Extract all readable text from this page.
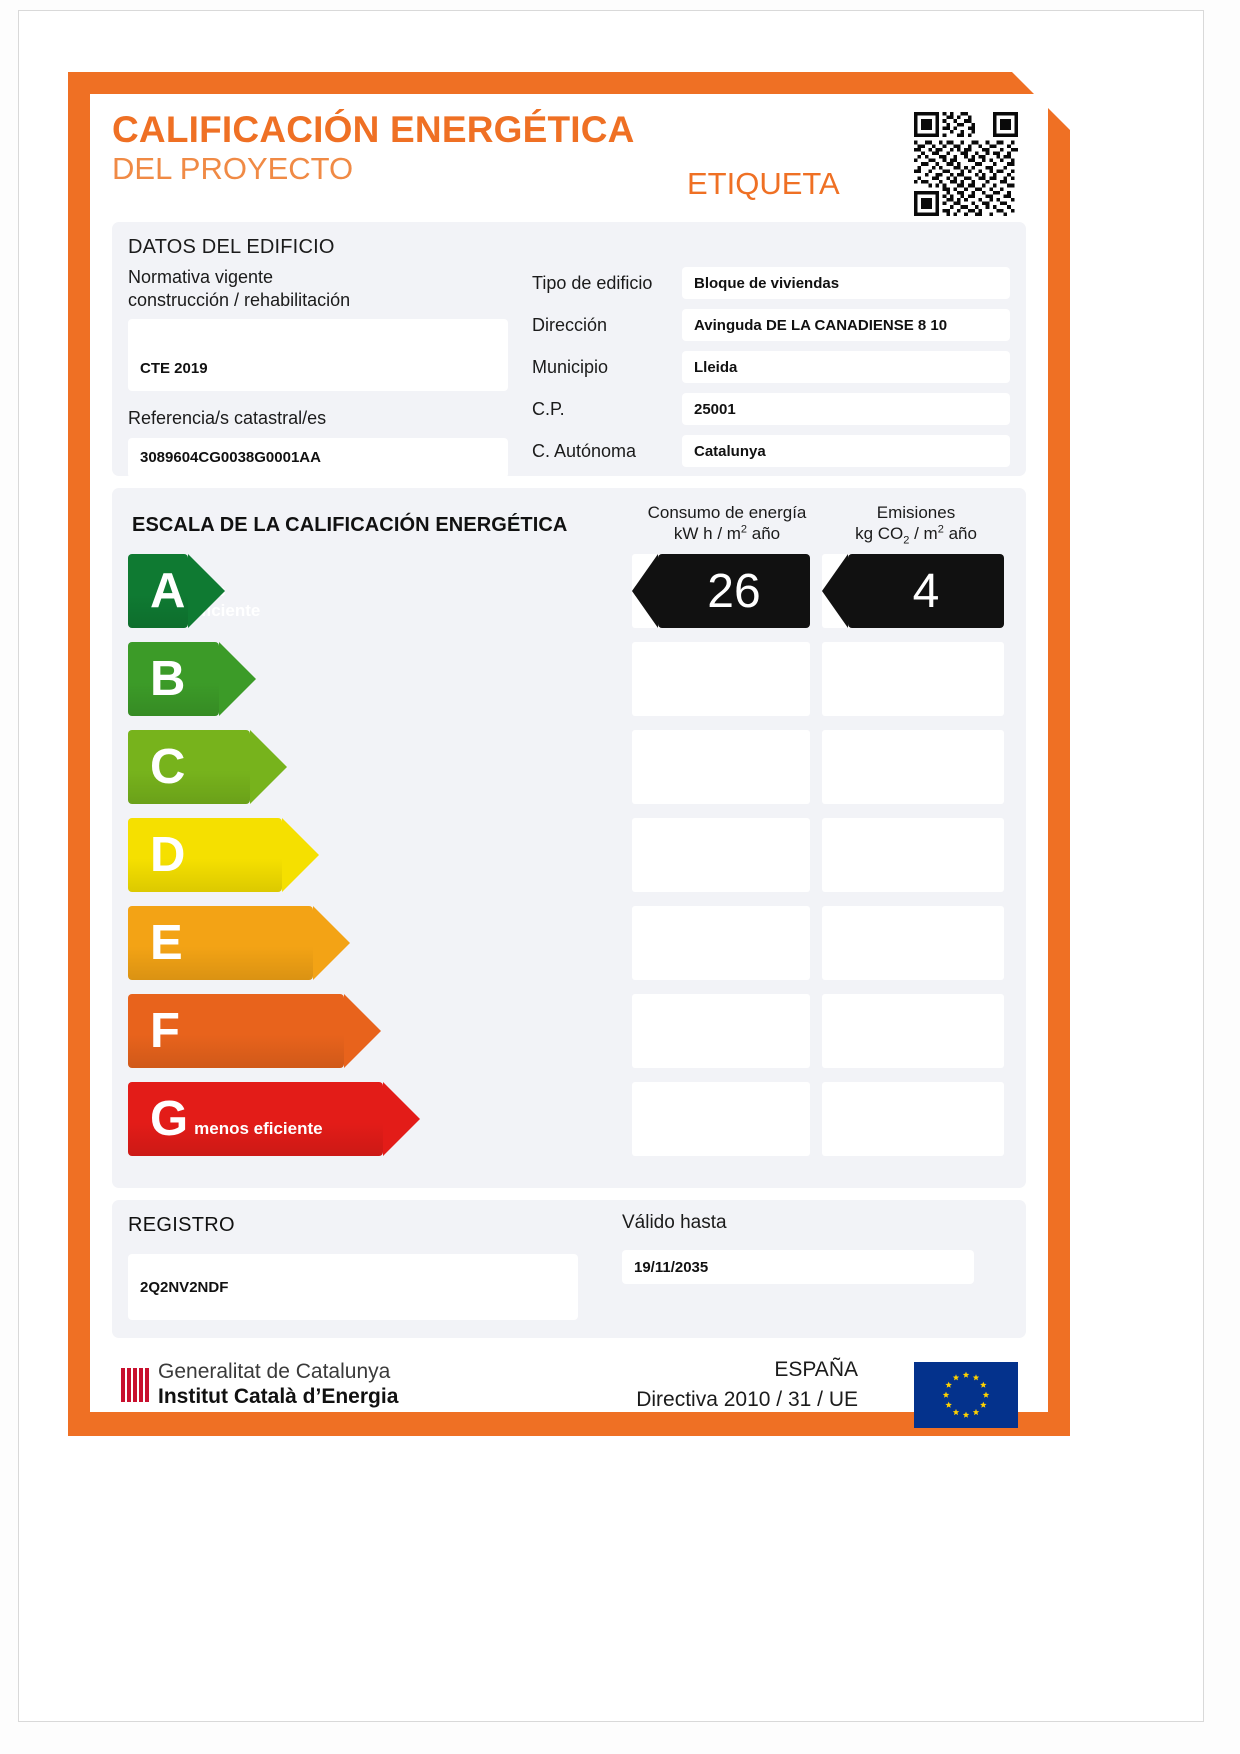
CALIFICACIÓN ENERGÉTICA
DEL PROYECTO	ETIQUETA
DATOS DEL EDIFICIO
Normativa vigente
construcción / rehabilitación
CTE 2019
Referencia/s catastral/es
3089604CG0038G0001AA
Tipo de edificio	Bloque de viviendas
Dirección	Avinguda DE LA CANADIENSE 8 10
Municipio	Lleida
C.P.	25001
C. Autónoma	Catalunya
ESCALA DE LA CALIFICACIÓN ENERGÉTICA
Consumo de energía
kW h / $m^2$ año
Emisiones
kg $CO_2 / m^2$ año
A más eficiente	26	4
B
C
D
E
F
G menos eficiente
REGISTRO
2Q2NV2NDF
Válido hasta
19/11/2035
Generalitat de Catalunya
Institut Català d’Energia
ESPAÑA
Directiva 2010 / 31 / UE
